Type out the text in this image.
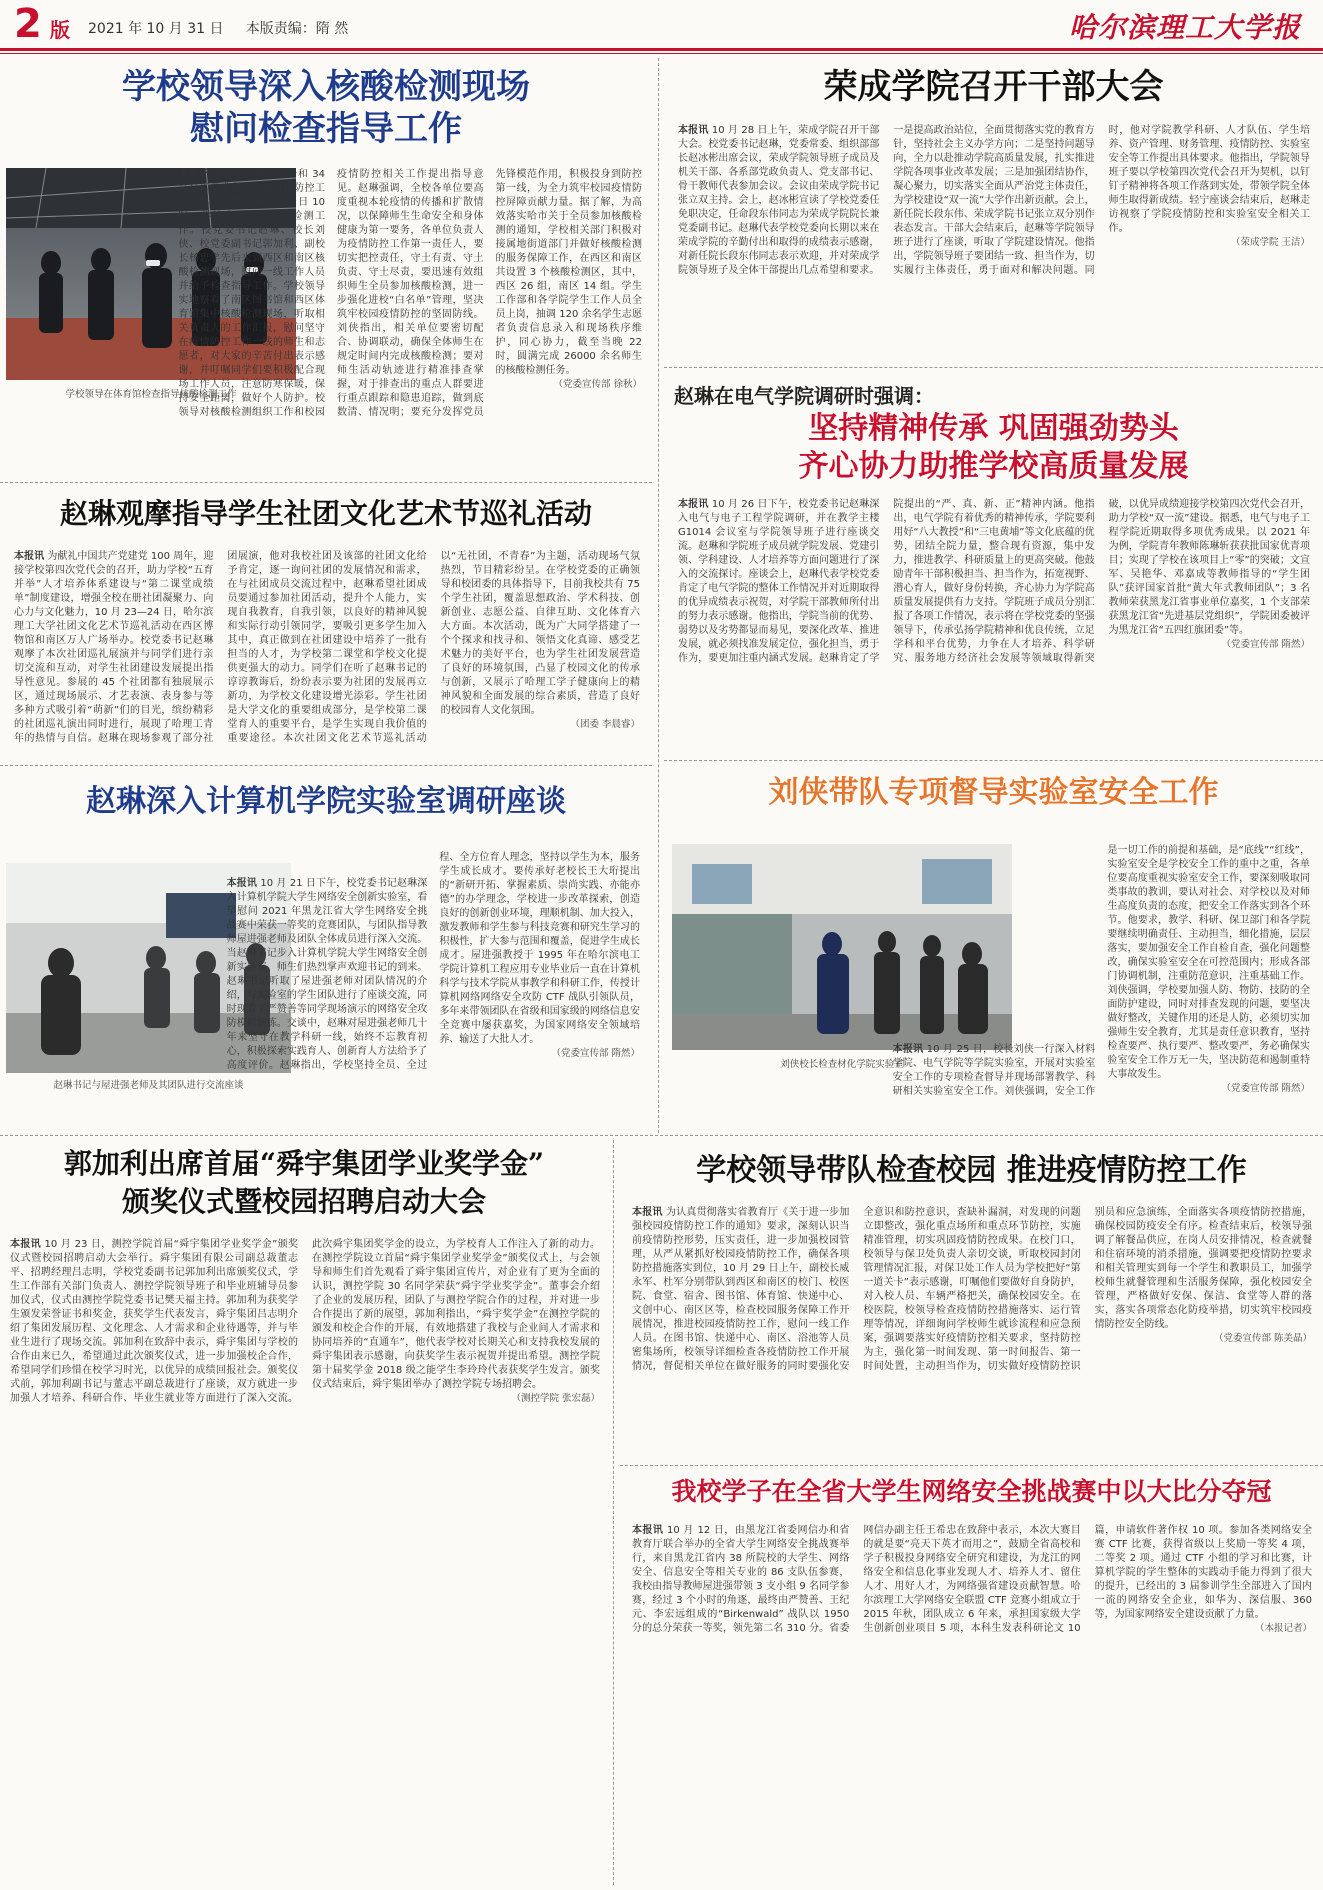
2 版 2021 年 10 月 31 日 本版责编：隋 然	哈尔滨理工大学报
学校领导深入核酸检测现场
慰问检查指导工作
学校领导在体育馆检查指导核酸检测工作
本报讯 根据哈市第 33 号和 34 号公告要求和学校对疫情防控工作的具体部署，10 月 31 日 10 时，学校启动全员核酸检测工作。校党委书记赵琳、校长刘侠、校党委副书记郭加利、副校长杨忠学先后来到西区和南区核酸检测现场，慰问一线工作人员并给予检查指导工作。学校领导实地察看了南区图书馆和西区体育馆集中核酸检测现场，听取相关负责人的工作汇报，慰问坚守在疫情防控工作一线的师生和志愿者，对大家的辛苦付出表示感谢，并叮嘱同学们要积极配合现场工作人员，注意防寒保暖，保持安全距离，做好个人防护。校领导对核酸检测组织工作和校园疫情防控相关工作提出指导意见。赵琳强调，全校各单位要高度重视本轮疫情的传播和扩散情况，以保障师生生命安全和身体健康为第一要务，各单位负责人为疫情防控工作第一责任人，要切实把控责任，守土有责、守土负责、守土尽责，要迅速有效组织师生全员参加核酸检测，进一步强化进校“白名单”管理，坚决筑牢校园疫情防控的坚固防线。刘侠指出，相关单位要密切配合、协调联动，确保全体师生在规定时间内完成核酸检测；要对师生活动轨迹进行精准排查掌握，对于排查出的重点人群要进行重点跟踪和隐患追踪，做到底数清、情况明；要充分发挥党员先锋模范作用，积极投身到防控第一线，为全力筑牢校园疫情防控屏障贡献力量。据了解，为高效落实哈市关于全员参加核酸检测的通知，学校相关部门积极对接属地街道部门并做好核酸检测的服务保障工作，在西区和南区共设置 3 个核酸检测区，其中，西区 26 组，南区 14 组。学生工作部和各学院学生工作人员全员上岗，抽调 120 余名学生志愿者负责信息录入和现场秩序维护，同心协力，截至当晚 22 时，圆满完成 26000 余名师生的核酸检测任务。
（党委宣传部 徐秋）
荣成学院召开干部大会
本报讯 10 月 28 日上午，荣成学院召开干部大会。校党委书记赵琳，党委常委、组织部部长赵冰彬出席会议，荣成学院领导班子成员及机关干部、各系部党政负责人、党支部书记、骨干教师代表参加会议。会议由荣成学院书记张立双主持。会上，赵冰彬宣读了学校党委任免职决定，任命段东伟同志为荣成学院院长兼党委副书记。赵琳代表学校党委向长期以来在荣成学院的辛勤付出和取得的成绩表示感谢，对新任院长段东伟同志表示欢迎，并对荣成学院领导班子及全体干部提出几点希望和要求。一是提高政治站位，全面贯彻落实党的教育方针，坚持社会主义办学方向；二是坚持问题导向，全力以赴推动学院高质量发展，扎实推进学院各项事业改革发展；三是加强团结协作，凝心聚力，切实落实全面从严治党主体责任，为学校建设“双一流”大学作出新贡献。会上，新任院长段东伟、荣成学院书记张立双分别作表态发言。干部大会结束后，赵琳等学院领导班子进行了座谈，听取了学院建设情况。他指出，学院领导班子要团结一致、担当作为，切实履行主体责任，勇于面对和解决问题。同时，他对学院教学科研、人才队伍、学生培养、资产管理、财务管理、疫情防控、实验室安全等工作提出具体要求。他指出，学院领导班子要以学校第四次党代会召开为契机，以钉钉子精神将各项工作落到实处，带领学院全体师生取得新成绩。轻宁座谈会结束后，赵琳走访视察了学院疫情防控和实验室安全相关工作。
（荣成学院 王洁）
赵琳在电气学院调研时强调：
坚持精神传承 巩固强劲势头
齐心协力助推学校高质量发展
本报讯 10 月 26 日下午，校党委书记赵琳深入电气与电子工程学院调研，并在教学主楼 G1014 会议室与学院领导班子进行座谈交流。赵琳和学院班子成员就学院发展、党建引领、学科建设、人才培养等方面问题进行了深入的交流探讨。座谈会上，赵琳代表学校党委肯定了电气学院的整体工作情况并对近期取得的优异成绩表示祝贺，对学院干部教师所付出的努力表示感谢。他指出，学院当前的优势、弱势以及劣势都显而易见，要深化改革、推进发展，就必须找准发展定位，强化担当，勇于作为，要更加注重内涵式发展。赵琳肯定了学院提出的“严、真、新、正”精神内涵。他指出，电气学院有着优秀的精神传承，学院要利用好“八大教授”和“三电黄埔”等文化底蕴的优势，团结全院力量，整合现有资源，集中发力，推进教学、科研质量上的更高突破。他鼓励青年干部积极担当、担当作为，拓宽视野、潜心育人，做好身份转换，齐心协力为学院高质量发展提供有力支持。学院班子成员分别汇报了各项工作情况，表示将在学校党委的坚强领导下，传承弘扬学院精神和优良传统，立足学科和平台优势，力争在人才培养、科学研究、服务地方经济社会发展等领域取得新突破，以优异成绩迎接学校第四次党代会召开，助力学校“双一流”建设。据悉，电气与电子工程学院近期取得多项优秀成果。以 2021 年为例，学院青年教师陈琳斩获获批国家优青项目；实现了学校在该项目上“零”的突破；文宣军、吴艳华、邓嘉成等教师指导的“学生团队”获评国家首批“黄大年式教师团队”；3 名教师荣获黑龙江省事业单位嘉奖，1 个支部荣获黑龙江省“先进基层党组织”，学院团委被评为黑龙江省“五四红旗团委”等。
（党委宣传部 隋然）
赵琳观摩指导学生社团文化艺术节巡礼活动
本报讯 为献礼中国共产党建党 100 周年，迎接学校第四次党代会的召开，助力学校“五育并举”人才培养体系建设与“第二课堂成绩单”制度建设，增强全校在册社团凝聚力、向心力与文化魅力，10 月 23—24 日，哈尔滨理工大学社团文化艺术节巡礼活动在西区博物馆和南区万人广场举办。校党委书记赵琳观摩了本次社团巡礼展演并与同学们进行亲切交流和互动，对学生社团建设发展提出指导性意见。参展的 45 个社团都有独展展示区，通过现场展示、才艺表演、表身参与等多种方式吸引着“萌新”们的目光，缤纷精彩的社团巡礼演出同时进行，展现了哈理工青年的热情与自信。赵琳在现场参观了部分社团展演，他对我校社团及该部的社团文化给予肯定，逐一询问社团的发展情况和需求，在与社团成员交流过程中，赵琳希望社团成员要通过参加社团活动，提升个人能力，实现自我教育，自我引领，以良好的精神风貌和实际行动引领同学，要吸引更多学生加入其中，真正做到在社团建设中培养了一批有担当的人才，为学校第二课堂和学校文化提供更强大的动力。同学们在听了赵琳书记的谆谆教诲后，纷纷表示要为社团的发展再立新功，为学校文化建设增光添彩。学生社团是大学文化的重要组成部分，是学校第二课堂育人的重要平台，是学生实现自我价值的重要途径。本次社团文化艺术节巡礼活动以“无社团，不青春”为主题，活动现场气氛热烈，节目精彩纷呈。在学校党委的正确领导和校团委的具体指导下，目前我校共有 75 个学生社团，覆盖思想政治、学术科技、创新创业、志愿公益、自律互助、文化体育六大方面。本次活动，既为广大同学搭建了一个个探求和找寻和、领悟文化真谛、感受艺术魅力的美好平台，也为学生社团发展营造了良好的环境氛围，凸显了校园文化的传承与创新，又展示了哈理工学子健康向上的精神风貌和全面发展的综合素质，营造了良好的校园育人文化氛围。
（团委 李晨睿）
刘侠带队专项督导实验室安全工作
刘侠校长检查材化学院实验室
本报讯 10 月 25 日，校长刘侠一行深入材料学院、电气学院等学院实验室，开展对实验室安全工作的专项检查督导并现场部署教学、科研相关实验室安全工作。刘侠强调，安全工作是一切工作的前提和基础，是“底线”“红线”，实验室安全是学校安全工作的重中之重，各单位要高度重视实验室安全工作，要深刻吸取同类事故的教训，要认对社会、对学校以及对师生高度负责的态度，把安全工作落实到各个环节。他要求，教学、科研、保卫部门和各学院要继续明确责任、主动担当，细化措施，层层落实，要加强安全工作自检自查，强化问题整改，确保实验室安全在可控范围内；形成各部门协调机制，注重防范意识，注重基础工作。刘侠强调，学校要加强人防、物防、技防的全面防护建设，同时对排查发现的问题，要坚决做好整改，关键作用的还是人防，必须切实加强师生安全教育，尤其是责任意识教育，坚持检查要严、执行要严、整改要严，务必确保实验室安全工作万无一失，坚决防范和遏制重特大事故发生。
（党委宣传部 隋然）
赵琳深入计算机学院实验室调研座谈
赵琳书记与屋进强老师及其团队进行交流座谈
本报讯 10 月 21 日下午，校党委书记赵琳深入计算机学院大学生网络安全创新实验室，看望慰问 2021 年黑龙江省大学生网络安全挑战赛中荣获一等奖的竞赛团队，与团队指导教师屋进强老师及团队全体成员进行深入交流。当赵琳书记步入计算机学院大学生网络安全创新实验室，师生们热烈掌声欢迎书记的到来。赵琳书记听取了屋进强老师对团队情况的介绍，与实验室的学生团队进行了座谈交流，同时现看了严赞善等同学现场演示的网络安全攻防模拟演练。交谈中，赵琳对屋进强老师几十年来坚守在教学科研一线，始终不忘教育初心，积极探索实践育人、创新育人方法给予了高度评价。赵琳指出，学校坚持全员、全过程、全方位育人理念，坚持以学生为本，服务学生成长成才。要传承好老校长王大珩提出的“新研开拓、掌握素质、崇尚实践、亦能亦德”的办学理念，学校进一步改革探索，创造良好的创新创业环境，理顺机制、加大投入，激发教师和学生参与科技竞赛和研究生学习的积极性，扩大参与范围和覆盖，促进学生成长成才。屋进强教授于 1995 年在哈尔滨电工学院计算机工程应用专业毕业后一直在计算机科学与技术学院从事教学和科研工作，传授计算机网络网络安全攻防 CTF 战队引领队员，多年来带领团队在省级和国家级的网络信息安全竞赛中屡获嘉奖，为国家网络安全领域培养、输送了大批人才。
（党委宣传部 隋然）
郭加利出席首届“舜宇集团学业奖学金”
颁奖仪式暨校园招聘启动大会
本报讯 10 月 23 日，测控学院首届“舜宇集团学业奖学金”颁奖仪式暨校园招聘启动大会举行。舜宇集团有限公司副总裁董志平、招聘经理吕志明，学校党委副书记郭加利出席颁奖仪式，学生工作部有关部门负责人、测控学院领导班子和毕业班辅导员参加仪式，仪式由测控学院党委书记樊天福主持。郭加利为获奖学生颁发荣誉证书和奖金，获奖学生代表发言，舜宇集团吕志明介绍了集团发展历程、文化理念、人才需求和企业待遇等，并与毕业生进行了现场交流。郭加利在致辞中表示，舜宇集团与学校的合作由来已久，希望通过此次颁奖仪式，进一步加强校企合作，希望同学们珍惜在校学习时光，以优异的成绩回报社会。颁奖仪式前，郭加利副书记与董志平副总裁进行了座谈，双方就进一步加强人才培养、科研合作、毕业生就业等方面进行了深入交流。此次舜宇集团奖学金的设立，为学校育人工作注入了新的动力。在测控学院设立首届“舜宇集团学业奖学金”颁奖仪式上，与会领导和师生们首先观看了舜宇集团宣传片，对企业有了更为全面的认识，测控学院 30 名同学荣获“舜宇学业奖学金”。董事会介绍了企业的发展历程，团队了与测控学院合作的过程，并对进一步合作提出了新的展望，郭加利指出，“舜宇奖学金”在测控学院的颁发和校企合作的开展，有效地搭建了我校与企业间人才需求和协同培养的“直通车”，他代表学校对长期关心和支持我校发展的舜宇集团表示感谢，向获奖学生表示祝贺并提出希望。测控学院第十届奖学金 2018 级之能学生李玲玲代表获奖学生发言。颁奖仪式结束后，舜宇集团举办了测控学院专场招聘会。
（测控学院 张宏磊）
学校领导带队检查校园 推进疫情防控工作
本报讯 为认真贯彻落实省教育厅《关于进一步加强校园疫情防控工作的通知》要求，深刻认识当前疫情防控形势，压实责任，进一步加强校园管理，从严从紧抓好校园疫情防控工作，确保各项防控措施落实到位，10 月 29 日上午，副校长威永军、杜军分别带队到西区和南区的校门、校医院、食堂、宿舍、图书馆、体育馆、快递中心、文创中心、南区区等，检查校园服务保障工作开展情况，推进校园疫情防控工作，慰问一线工作人员。在图书馆、快递中心、南区、浴池等人员密集场所，校领导详细检查各疫情防控工作开展情况，督促相关单位在做好服务的同时要强化安全意识和防控意识，查缺补漏洞，对发现的问题立即整改，强化重点场所和重点环节防控，实施精准管理，切实巩固疫情防控成果。在校门口，校领导与保卫处负责人亲切交谈，听取校园封闭管理情况汇报，对保卫处工作人员为学校把好“第一道关卡”表示感谢，叮嘱他们要做好自身防护，对入校人员、车辆严格把关，确保校园安全。在校医院，校领导检查疫情防控措施落实、运行管理等情况，详细询问学校师生就诊流程和应急预案，强调要落实好疫情防控相关要求，坚持防控为主，强化第一时间发现、第一时间报告、第一时间处置，主动担当作为，切实做好疫情防控识别员和应急演练，全面落实各项疫情防控措施，确保校园防疫安全有序。检查结束后，校领导强调了解餐品供应，在岗人员安排情况，检查就餐和住宿环境的消杀措施，强调要把疫情防控要求和相关管理实到每一个学生和教职员工，加强学校师生就餐管理和生活服务保障，强化校园安全管理，严格做好安保、保洁、食堂等人群的落实，落实各项常态化防疫举措，切实筑牢校园疫情防控安全防线。
（党委宣传部 陈美晶）
我校学子在全省大学生网络安全挑战赛中以大比分夺冠
本报讯 10 月 12 日，由黑龙江省委网信办和省教育厅联合举办的全省大学生网络安全挑战赛举行，来自黑龙江省内 38 所院校的大学生、网络安全、信息安全等相关专业的 86 支队伍参赛，我校由指导教师屋进强带领 3 支小组 9 名同学参赛，经过 3 个小时的角逐，最终由严赞善、王纪元、李宏远组成的“Birkenwald” 战队以 1950 分的总分荣获一等奖，领先第二名 310 分。省委网信办副主任王希忠在致辞中表示，本次大赛目的就是要“亮天下英才而用之”，鼓励全省高校和学子积极投身网络安全研究和建设，为龙江的网络安全和信息化事业发现人才、培养人才、留住人才、用好人才，为网络强省建设贡献智慧。哈尔滨理工大学网络安全联盟 CTF 竞赛小组成立于 2015 年秋，团队成立 6 年来，承担国家级大学生创新创业项目 5 项，本科生发表科研论文 10 篇，申请软件著作权 10 项。参加各类网络安全赛 CTF 比赛，获得省级以上奖励一等奖 4 项，二等奖 2 项。通过 CTF 小组的学习和比赛，计算机学院的学生整体的实践动手能力得到了很大的提升，已经出的 3 届参训学生全部进入了国内一流的网络安全企业，如华为、深信服、360 等，为国家网络安全建设贡献了力量。
（本报记者）
